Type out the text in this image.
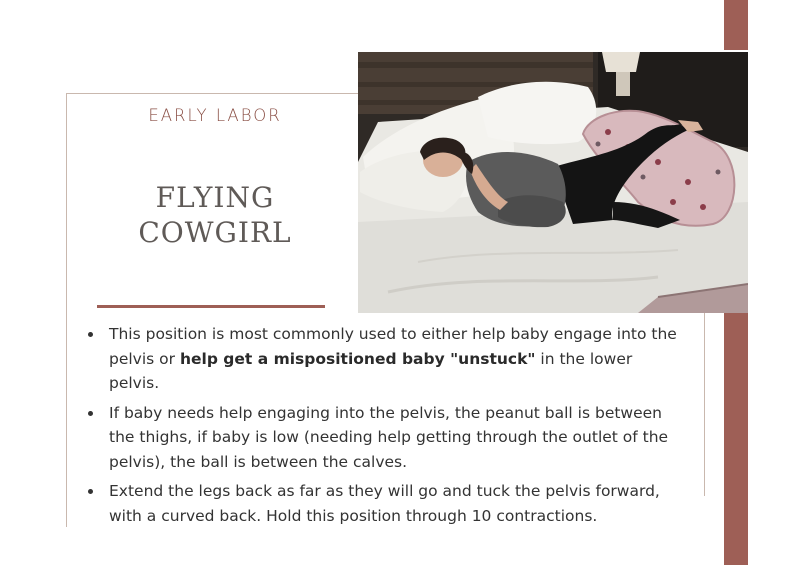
EARLY LABOR
FLYING
COWGIRL
This position is most commonly used to either help baby engage into the pelvis or help get a mispositioned baby "unstuck" in the lower pelvis.
If baby needs help engaging into the pelvis, the peanut ball is between the thighs, if baby is low (needing help getting through the outlet of the pelvis), the ball is between the calves.
Extend the legs back as far as they will go and tuck the pelvis forward, with a curved back. Hold this position through 10 contractions.
